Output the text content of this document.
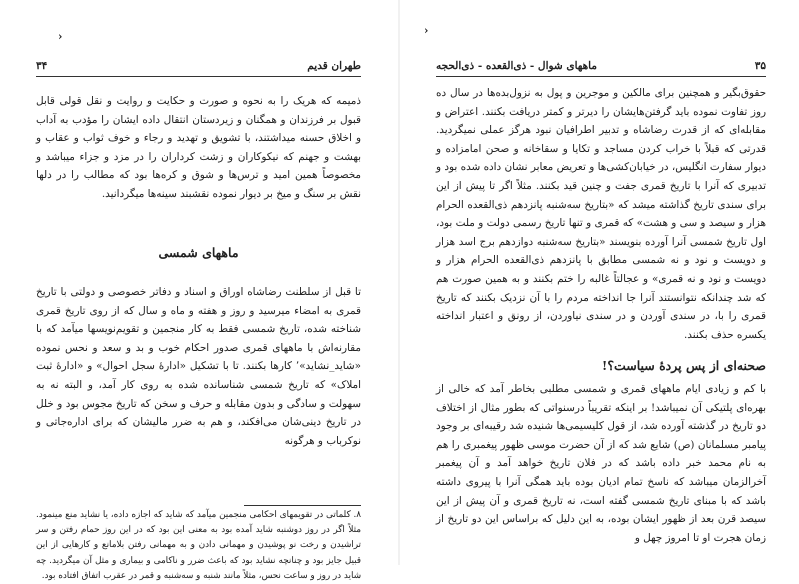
›
طهران قدیم
۳۴

ذمیمه که هریک را به نحوه و صورت و حکایت و روایت و نقل قولی قابل قبول بر فرزندان و همگنان و زیردستان انتقال داده ایشان را مؤدب به آداب و اخلاق حسنه میداشتند، با تشویق و تهدید و رجاء و خوف ثواب و عقاب و بهشت و جهنم که نیکوکاران و زشت کرداران را در مزد و جزاء میباشد و مخصوصاً همین امید و ترس‌ها و شوق و کره‌ها بود که مطالب را در دلها نقش بر سنگ و میخ بر دیوار نموده نقشبند سینه‌ها میگردانید.

ماههای شمسی

تا قبل از سلطنت رضاشاه اوراق و اسناد و دفاتر خصوصی و دولتی با تاریخ قمری به امضاء میرسید و روز و هفته و ماه و سال که از روی تاریخ قمری شناخته شده، تاریخ شمسی فقط به کار منجمین و تقویم‌نویسها میآمد که با مقارنه‌اش با ماههای قمری صدور احکام خوب و بد و سعد و نحس نموده «شاید_نشاید»٬ کارها بکنند. تا با تشکیل «ادارهٔ سجل احوال» و «ادارهٔ ثبت املاک» که تاریخ شمسی شناسانده شده به روی کار آمد، و البته نه به سهولت و سادگی و بدون مقابله و حرف و سخن که تاریخ مجوس بود و خلل در تاریخ دینی‌شان می‌افکند، و هم به ضرر مالیشان که برای اداره‌جاتی و نوکرباب و هرگونه

٨. کلماتی در تقویمهای احکامی منجمین میآمد که شاید که اجازه داده، یا نشاید منع مینمود. مثلاً اگر در روز دوشنبه شاید آمده بود به معنی این بود که در این روز حمام رفتن و سر تراشیدن و رخت نو پوشیدن و مهمانی دادن و به مهمانی رفتن بلامانع و کارهایی از این قبیل جایز بود و چنانچه نشاید بود که باعث ضرر و ناکامی و بیماری و مثل آن میگردید. چه شاید در روز و ساعت نحس، مثلاً مانند شنبه و سه‌شنبه و قمر در عقرب اتفاق افتاده بود.

›
۳۵
ماههای شوال - ذی‌القعده - ذی‌الحجه

حقوق‌بگیر و همچنین برای مالکین و موجرین و پول به نزول‌بده‌ها در سال ده روز تفاوت نموده باید گرفتن‌هایشان را دیرتر و کمتر دریافت بکنند. اعتراض و مقابله‌ای که از قدرت رضاشاه و تدبیر اطرافیان نبود هرگز عملی نمیگردید. قدرتی که قبلاً با خراب کردن مساجد و تکایا و سقاخانه و صحن امامزاده و دیوار سفارت انگلیس، در خیابان‌کشی‌ها و تعریض معابر نشان داده شده بود و تدبیری که آنرا با تاریخ قمری جفت و چنین قید بکنند. مثلاً اگر تا پیش از این برای سندی تاریخ گذاشته میشد که «بتاریخ سه‌شنبه پانزدهم ذی‌القعده الحرام هزار و سیصد و سی و هشت» که قمری و تنها تاریخ رسمی دولت و ملت بود، اول تاریخ شمسی آنرا آورده بنویسند «بتاریخ سه‌شنبه دوازدهم برج اسد هزار و دویست و نود و نه شمسی مطابق با پانزدهم ذی‌القعده الحرام هزار و دویست و نود و نه قمری» و عجالتاً غالبه را ختم بکنند و به همین صورت هم که شد چندانکه نتوانستند آنرا جا انداخته مردم را با آن نزدیک بکنند که تاریخ قمری را با، در سندی آوردن و در سندی نیاوردن، از رونق و اعتبار انداخته یکسره حذف بکنند.

صحنه‌ای از پس پردهٔ سیاست؟!

با کم و زیادی ایام ماههای قمری و شمسی مطلبی بخاطر آمد که خالی از بهره‌ای پلتیکی آن نمیباشد! بر اینکه تقریباً درسنواتی که بطور مثال از اختلاف دو تاریخ در گذشته آورده شد، از قول کلیسیمی‌ها شنیده شد رقیبه‌ای بر وجود پیامبر مسلمانان (ص) شایع شد که از آن حضرت موسی ظهور پیغمبری را هم به نام محمد خبر داده باشد که در فلان تاریخ خواهد آمد و آن پیغمبر آخرالزمان میباشد که ناسخ تمام ادیان بوده باید همگی آنرا با پیروی داشته باشد که با مبنای تاریخ شمسی گفته است، نه تاریخ قمری و آن پیش از این سیصد قرن بعد از ظهور ایشان بوده، به این دلیل که براساس این دو تاریخ از زمان هجرت او تا امروز چهل و
